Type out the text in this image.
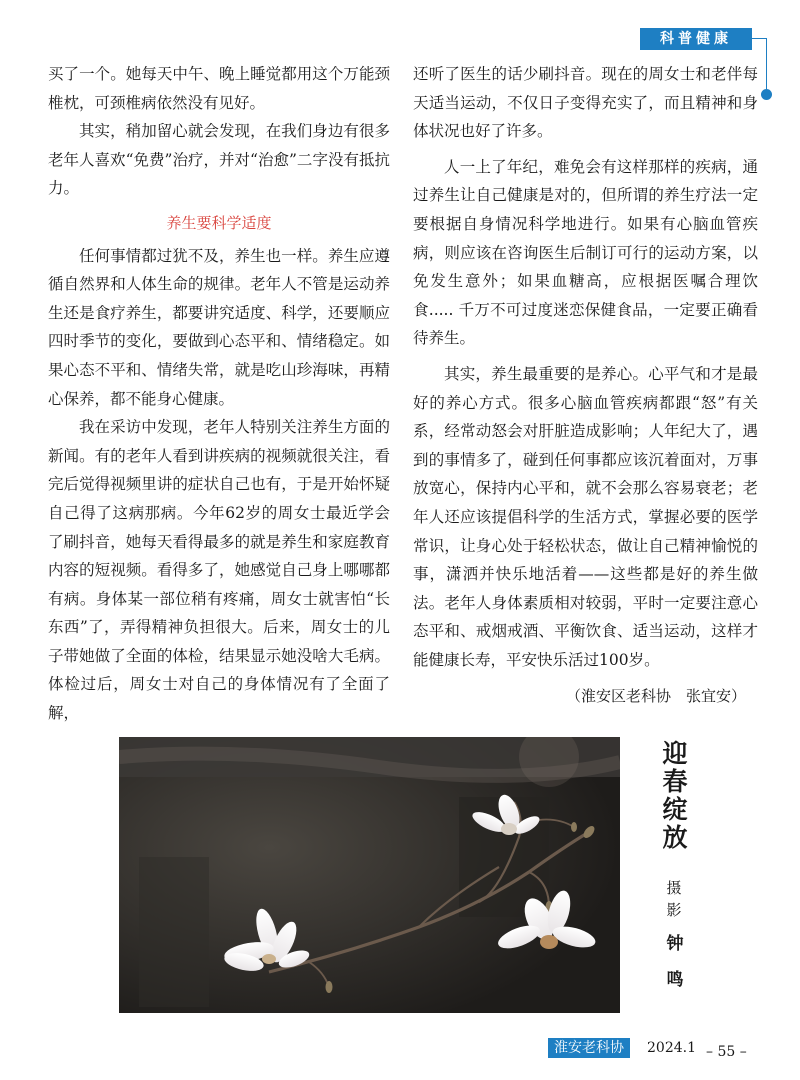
科普健康

买了一个。她每天中午、晚上睡觉都用这个万能颈椎枕，可颈椎病依然没有见好。

其实，稍加留心就会发现，在我们身边有很多老年人喜欢“免费”治疗，并对“治愈”二字没有抵抗力。

养生要科学适度

任何事情都过犹不及，养生也一样。养生应遵循自然界和人体生命的规律。老年人不管是运动养生还是食疗养生，都要讲究适度、科学，还要顺应四时季节的变化，要做到心态平和、情绪稳定。如果心态不平和、情绪失常，就是吃山珍海味，再精心保养，都不能身心健康。

我在采访中发现，老年人特别关注养生方面的新闻。有的老年人看到讲疾病的视频就很关注，看完后觉得视频里讲的症状自己也有，于是开始怀疑自己得了这病那病。今年62岁的周女士最近学会了刷抖音，她每天看得最多的就是养生和家庭教育内容的短视频。看得多了，她感觉自己身上哪哪都有病。身体某一部位稍有疼痛，周女士就害怕“长东西”了，弄得精神负担很大。后来，周女士的儿子带她做了全面的体检，结果显示她没啥大毛病。体检过后，周女士对自己的身体情况有了全面了解，

还听了医生的话少刷抖音。现在的周女士和老伴每天适当运动，不仅日子变得充实了，而且精神和身体状况也好了许多。

人一上了年纪，难免会有这样那样的疾病，通过养生让自己健康是对的，但所谓的养生疗法一定要根据自身情况科学地进行。如果有心脑血管疾病，则应该在咨询医生后制订可行的运动方案，以免发生意外；如果血糖高，应根据医嘱合理饮食..... 千万不可过度迷恋保健食品，一定要正确看待养生。

其实，养生最重要的是养心。心平气和才是最好的养心方式。很多心脑血管疾病都跟“怒”有关系，经常动怒会对肝脏造成影响；人年纪大了，遇到的事情多了，碰到任何事都应该沉着面对，万事放宽心，保持内心平和，就不会那么容易衰老；老年人还应该提倡科学的生活方式，掌握必要的医学常识，让身心处于轻松状态，做让自己精神愉悦的事，潇洒并快乐地活着——这些都是好的养生做法。老年人身体素质相对较弱，平时一定要注意心态平和、戒烟戒酒、平衡饮食、适当运动，这样才能健康长寿，平安快乐活过100岁。

（淮安区老科协　张宜安）

迎春绽放
摄影
钟鸣
淮安老科协	2024.1 – 55 –
